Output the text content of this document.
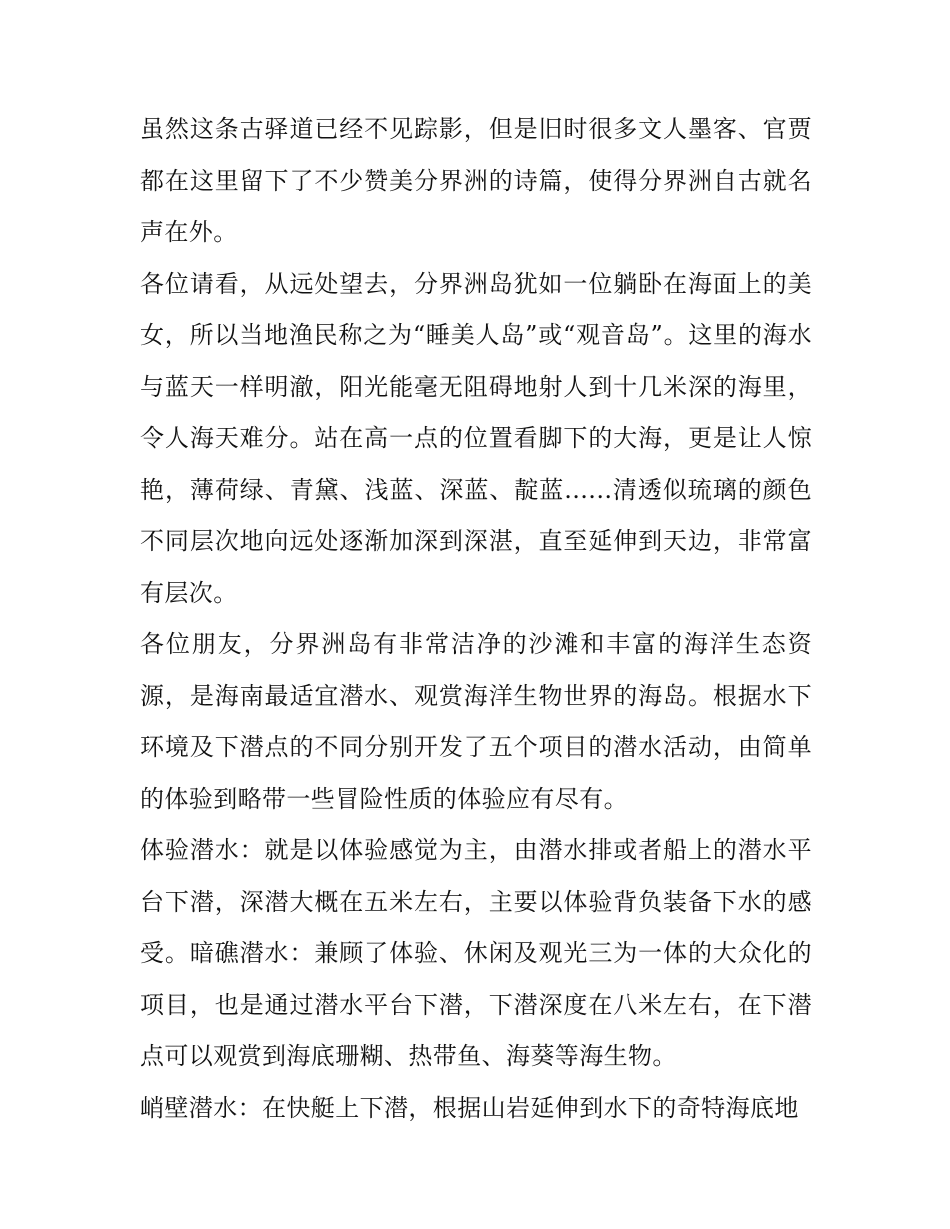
虽然这条古驿道已经不见踪影，但是旧时很多文人墨客、官贾都在这里留下了不少赞美分界洲的诗篇，使得分界洲自古就名声在外。

各位请看，从远处望去，分界洲岛犹如一位躺卧在海面上的美女，所以当地渔民称之为“睡美人岛”或“观音岛”。这里的海水与蓝天一样明澈，阳光能毫无阻碍地射人到十几米深的海里，令人海天难分。站在高一点的位置看脚下的大海，更是让人惊艳，薄荷绿、青黛、浅蓝、深蓝、靛蓝......清透似琉璃的颜色不同层次地向远处逐渐加深到深湛，直至延伸到天边，非常富有层次。

各位朋友，分界洲岛有非常洁净的沙滩和丰富的海洋生态资源，是海南最适宜潜水、观赏海洋生物世界的海岛。根据水下环境及下潜点的不同分别开发了五个项目的潜水活动，由简单的体验到略带一些冒险性质的体验应有尽有。

体验潜水：就是以体验感觉为主，由潜水排或者船上的潜水平台下潜，深潜大概在五米左右，主要以体验背负装备下水的感受。暗礁潜水：兼顾了体验、休闲及观光三为一体的大众化的项目，也是通过潜水平台下潜，下潜深度在八米左右，在下潜点可以观赏到海底珊糊、热带鱼、海葵等海生物。

峭壁潜水：在快艇上下潜，根据山岩延伸到水下的奇特海底地
